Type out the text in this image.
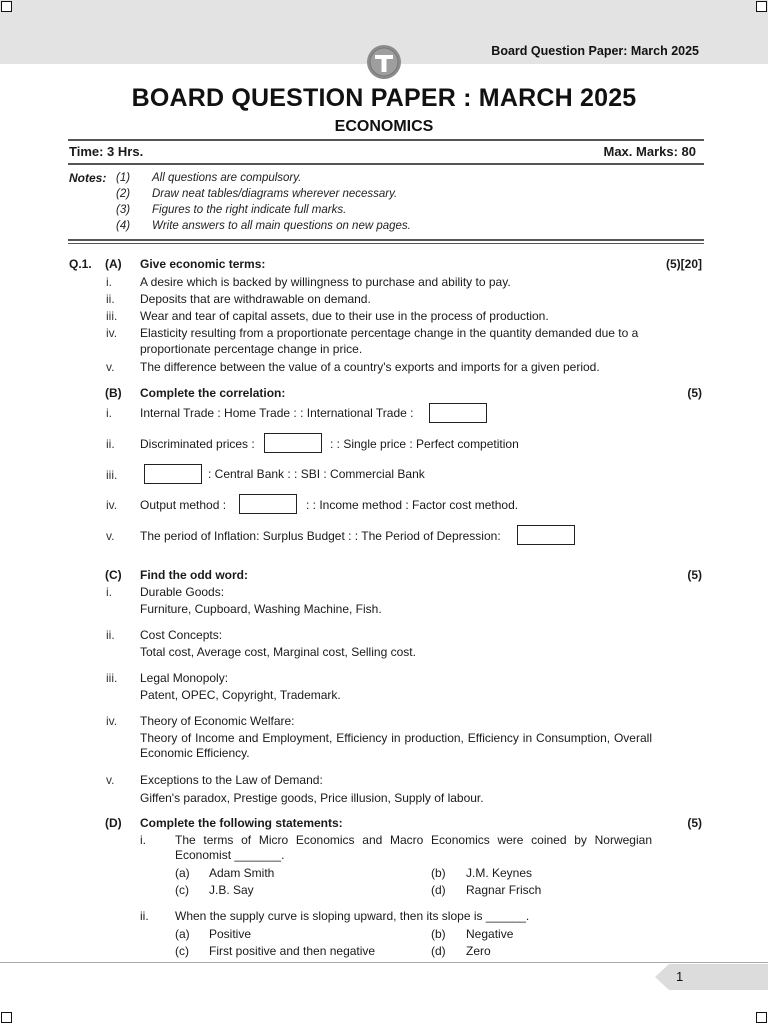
Board Question Paper: March 2025
BOARD QUESTION PAPER : MARCH 2025
ECONOMICS
Time: 3 Hrs.	Max. Marks: 80
Notes: (1) All questions are compulsory.
(2) Draw neat tables/diagrams wherever necessary.
(3) Figures to the right indicate full marks.
(4) Write answers to all main questions on new pages.
Q.1. (A) Give economic terms:	(5)[20]
i. A desire which is backed by willingness to purchase and ability to pay.
ii. Deposits that are withdrawable on demand.
iii. Wear and tear of capital assets, due to their use in the process of production.
iv. Elasticity resulting from a proportionate percentage change in the quantity demanded due to a
proportionate percentage change in price.
v. The difference between the value of a country's exports and imports for a given period.
(B) Complete the correlation:	(5)
i. Internal Trade : Home Trade : : International Trade :
ii. Discriminated prices :	: : Single price : Perfect competition
iii.	: Central Bank : : SBI : Commercial Bank
iv. Output method :	: : Income method : Factor cost method.
v. The period of Inflation: Surplus Budget : : The Period of Depression:
(C) Find the odd word:	(5)
i. Durable Goods:
Furniture, Cupboard, Washing Machine, Fish.
ii. Cost Concepts:
Total cost, Average cost, Marginal cost, Selling cost.
iii. Legal Monopoly:
Patent, OPEC, Copyright, Trademark.
iv. Theory of Economic Welfare:
Theory of Income and Employment, Efficiency in production, Efficiency in Consumption, Overall Economic Efficiency.
v. Exceptions to the Law of Demand:
Giffen's paradox, Prestige goods, Price illusion, Supply of labour.
(D) Complete the following statements:	(5)
i. The terms of Micro Economics and Macro Economics were coined by Norwegian Economist _______.
(a) Adam Smith	(b) J.M. Keynes
(c) J.B. Say	(d) Ragnar Frisch
ii. When the supply curve is sloping upward, then its slope is ______.
(a) Positive	(b) Negative
(c) First positive and then negative	(d) Zero
1
